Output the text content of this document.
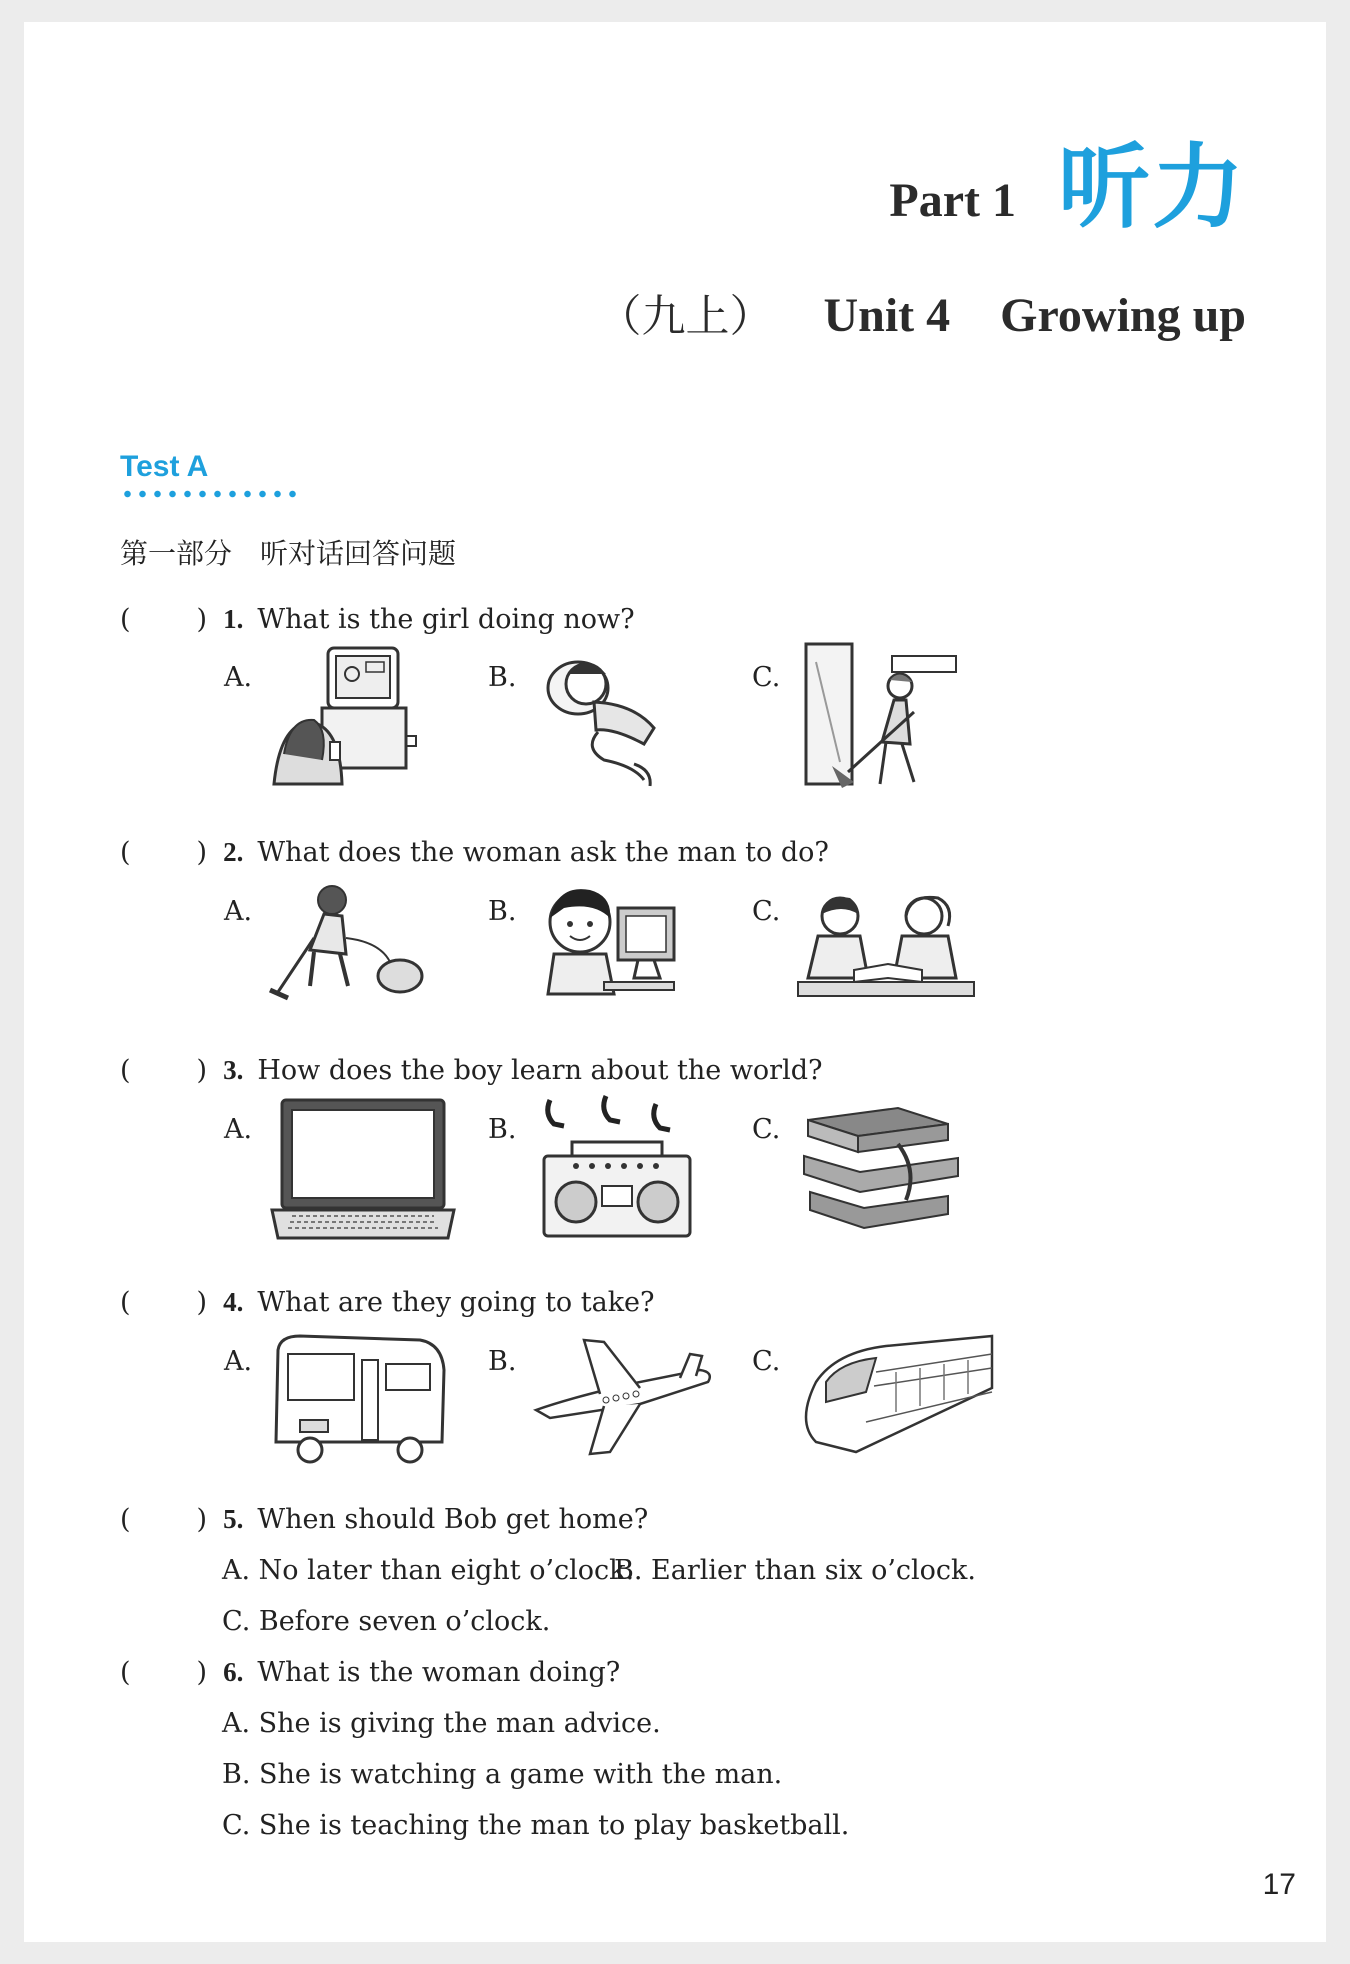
Part 1 听力
（九上） Unit 4 Growing up
Test A
第一部分　听对话回答问题
( ) 1. What is the girl doing now?
A.	B.	C.
( ) 2. What does the woman ask the man to do?
A.	B.	C.
( ) 3. How does the boy learn about the world?
A.	B.	C.
( ) 4. What are they going to take?
A.	B.	C.
( ) 5. When should Bob get home?
A. No later than eight o’clock.
B. Earlier than six o’clock.
C. Before seven o’clock.
( ) 6. What is the woman doing?
A. She is giving the man advice.
B. She is watching a game with the man.
C. She is teaching the man to play basketball.
17
